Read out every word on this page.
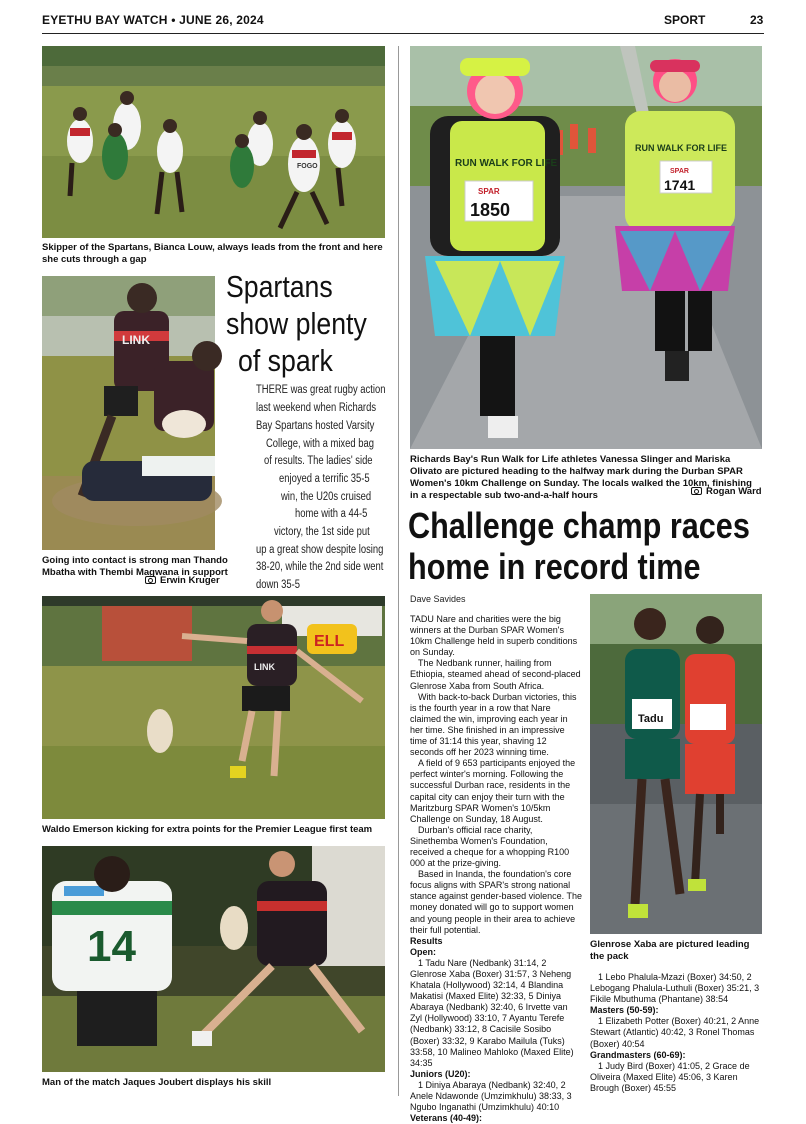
EYETHU BAY WATCH • JUNE 26, 2024	SPORT	23
FOGO
Skipper of the Spartans, Bianca Louw, always leads from the front and here she cuts through a gap
LINK
Going into contact is strong man Thando Mbatha with Thembi Magwana in support
Erwin Kruger
Spartans
show plenty
of spark
THERE was great rugby action
last weekend when Richards
Bay Spartans hosted Varsity
College, with a mixed bag
of results. The ladies' side
enjoyed a terrific 35-5
win, the U20s cruised
home with a 44-5
victory, the 1st side put
up a great show despite losing
38-20, while the 2nd side went
down 35-5
ELL
LINK
Waldo Emerson kicking for extra points for the Premier League first team
14
Man of the match Jaques Joubert displays his skill
RUN WALK FOR LIFE
SPAR
1850
RUN WALK FOR LIFE
SPAR
1741
Richards Bay's Run Walk for Life athletes Vanessa Slinger and Mariska Olivato are pictured heading to the halfway mark during the Durban SPAR Women's 10km Challenge on Sunday. The locals walked the 10km, finishing in a respectable sub two-and-a-half hours	Rogan Ward
Challenge champ races
home in record time
Dave Savides

TADU Nare and charities were the big winners at the Durban SPAR Women's 10km Challenge held in superb conditions on Sunday.

The Nedbank runner, hailing from Ethiopia, steamed ahead of second-placed Glenrose Xaba from South Africa.

With back-to-back Durban victories, this is the fourth year in a row that Nare claimed the win, improving each year in her time. She finished in an impressive time of 31:14 this year, shaving 12 seconds off her 2023 winning time.

A field of 9 653 participants enjoyed the perfect winter's morning. Following the successful Durban race, residents in the capital city can enjoy their turn with the Maritzburg SPAR Women's 10/5km Challenge on Sunday, 18 August.

Durban's official race charity, Sinethemba Women's Foundation, received a cheque for a whopping R100 000 at the prize-giving.

Based in Inanda, the foundation's core focus aligns with SPAR's strong national stance against gender-based violence. The money donated will go to support women and young people in their area to achieve their full potential.

Results

Open:

1 Tadu Nare (Nedbank) 31:14, 2 Glenrose Xaba (Boxer) 31:57, 3 Neheng Khatala (Hollywood) 32:14, 4 Blandina Makatisi (Maxed Elite) 32:33, 5 Diniya Abaraya (Nedbank) 32:40, 6 Irvette van Zyl (Hollywood) 33:10, 7 Ayantu Terefe (Nedbank) 33:12, 8 Cacisile Sosibo (Boxer) 33:32, 9 Karabo Mailula (Tuks) 33:58, 10 Malineo Mahloko (Maxed Elite) 34:35

Juniors (U20):

1 Diniya Abaraya (Nedbank) 32:40, 2 Anele Ndawonde (Umzimkhulu) 38:33, 3 Ngubo Inganathi (Umzimkhulu) 40:10

Veterans (40-49):

Tadu
Glenrose Xaba are pictured leading the pack

1 Lebo Phalula-Mzazi (Boxer) 34:50, 2 Lebogang Phalula-Luthuli (Boxer) 35:21, 3 Fikile Mbuthuma (Phantane) 38:54

Masters (50-59):

1 Elizabeth Potter (Boxer) 40:21, 2 Anne Stewart (Atlantic) 40:42, 3 Ronel Thomas (Boxer) 40:54

Grandmasters (60-69):

1 Judy Bird (Boxer) 41:05, 2 Grace de Oliveira (Maxed Elite) 45:06, 3 Karen Brough (Boxer) 45:55
